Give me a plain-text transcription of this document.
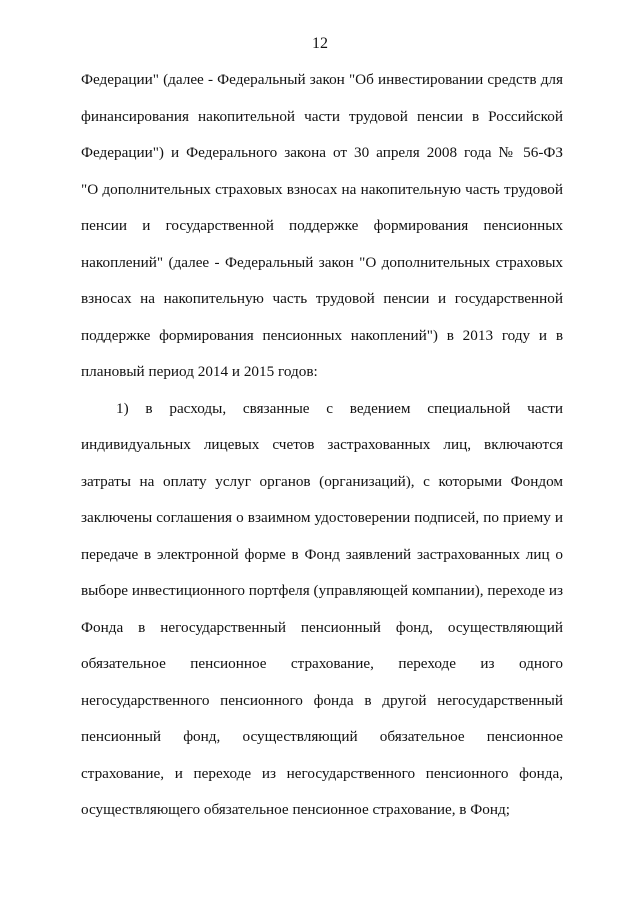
12
Федерации" (далее - Федеральный закон "Об инвестировании средств для
финансирования накопительной части трудовой пенсии в Российской
Федерации") и Федерального закона от 30 апреля 2008 года № 56-ФЗ
"О дополнительных страховых взносах на накопительную часть трудовой
пенсии и государственной поддержке формирования пенсионных
накоплений" (далее - Федеральный закон "О дополнительных страховых
взносах на накопительную часть трудовой пенсии и государственной
поддержке формирования пенсионных накоплений") в 2013 году и в
плановый период 2014 и 2015 годов:
1) в расходы, связанные с ведением специальной части
индивидуальных лицевых счетов застрахованных лиц, включаются
затраты на оплату услуг органов (организаций), с которыми Фондом
заключены соглашения о взаимном удостоверении подписей, по приему и
передаче в электронной форме в Фонд заявлений застрахованных лиц о
выборе инвестиционного портфеля (управляющей компании), переходе из
Фонда в негосударственный пенсионный фонд, осуществляющий
обязательное пенсионное страхование, переходе из одного
негосударственного пенсионного фонда в другой негосударственный
пенсионный фонд, осуществляющий обязательное пенсионное
страхование, и переходе из негосударственного пенсионного фонда,
осуществляющего обязательное пенсионное страхование, в Фонд;
